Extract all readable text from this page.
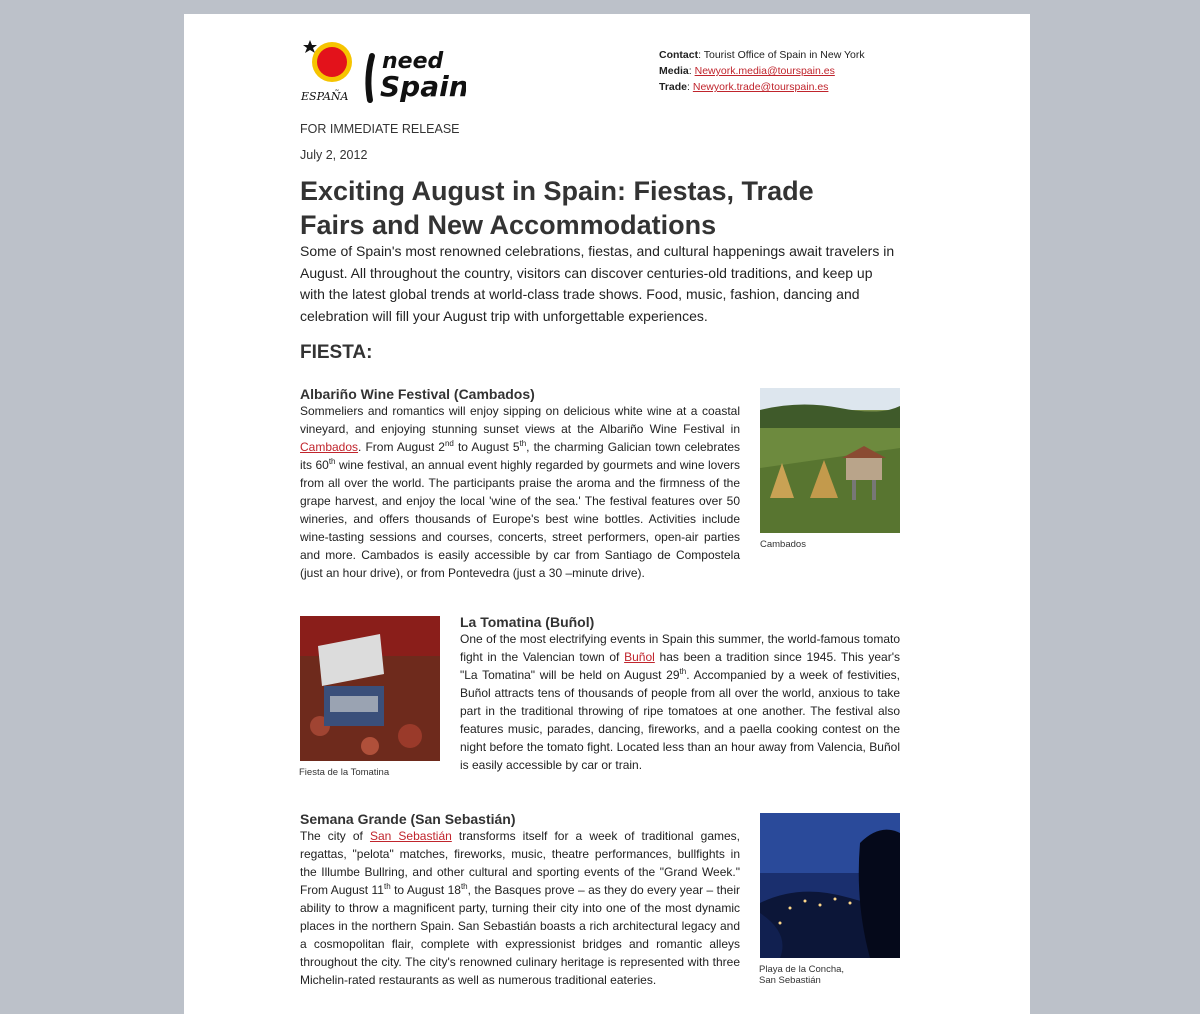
ESPAÑA
need
Spain
Contact: Tourist Office of Spain in New York
Media: Newyork.media@tourspain.es
Trade: Newyork.trade@tourspain.es
FOR IMMEDIATE RELEASE
July 2, 2012
Exciting August in Spain: Fiestas, Trade Fairs and New Accommodations
Some of Spain's most renowned celebrations, fiestas, and cultural happenings await travelers in August. All throughout the country, visitors can discover centuries-old traditions, and keep up with the latest global trends at world-class trade shows. Food, music, fashion, dancing and celebration will fill your August trip with unforgettable experiences.
FIESTA:
Albariño Wine Festival (Cambados)
Sommeliers and romantics will enjoy sipping on delicious white wine at a coastal vineyard, and enjoying stunning sunset views at the Albariño Wine Festival in Cambados. From August 2nd to August 5th, the charming Galician town celebrates its 60th wine festival, an annual event highly regarded by gourmets and wine lovers from all over the world. The participants praise the aroma and the firmness of the grape harvest, and enjoy the local 'wine of the sea.' The festival features over 50 wineries, and offers thousands of Europe's best wine bottles. Activities include wine-tasting sessions and courses, concerts, street performers, open-air parties and more. Cambados is easily accessible by car from Santiago de Compostela (just an hour drive), or from Pontevedra (just a 30 –minute drive).
Cambados
Fiesta de la Tomatina
La Tomatina (Buñol)
One of the most electrifying events in Spain this summer, the world-famous tomato fight in the Valencian town of Buñol has been a tradition since 1945. This year's "La Tomatina" will be held on August 29th. Accompanied by a week of festivities, Buñol attracts tens of thousands of people from all over the world, anxious to take part in the traditional throwing of ripe tomatoes at one another. The festival also features music, parades, dancing, fireworks, and a paella cooking contest on the night before the tomato fight. Located less than an hour away from Valencia, Buñol is easily accessible by car or train.
Semana Grande (San Sebastián)
The city of San Sebastián transforms itself for a week of traditional games, regattas, "pelota" matches, fireworks, music, theatre performances, bullfights in the Illumbe Bullring, and other cultural and sporting events of the "Grand Week." From August 11th to August 18th, the Basques prove – as they do every year – their ability to throw a magnificent party, turning their city into one of the most dynamic places in the northern Spain. San Sebastián boasts a rich architectural legacy and a cosmopolitan flair, complete with expressionist bridges and romantic alleys throughout the city. The city's renowned culinary heritage is represented with three Michelin-rated restaurants as well as numerous traditional eateries.
Playa de la Concha,
San Sebastián
